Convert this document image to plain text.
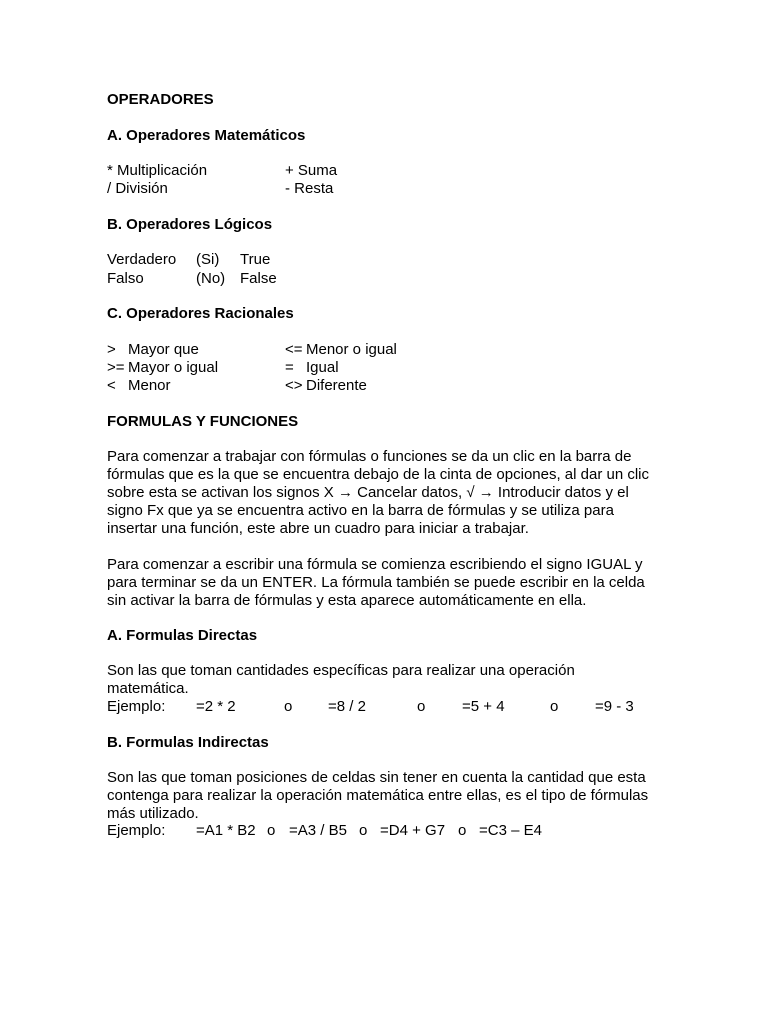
OPERADORES
A. Operadores Matemáticos
* Multiplicación	+ Suma
/ División	- Resta
B. Operadores Lógicos
Verdadero (Si) True
Falso	(No) False
C. Operadores Racionales
> Mayor que	<= Menor o igual
>= Mayor o igual	= Igual
< Menor	<> Diferente
FORMULAS Y FUNCIONES
Para comenzar a trabajar con fórmulas o funciones se da un clic en la barra de
fórmulas que es la que se encuentra debajo de la cinta de opciones, al dar un clic
sobre esta se activan los signos X → Cancelar datos, √ → Introducir datos y el
signo Fx que ya se encuentra activo en la barra de fórmulas y se utiliza para
insertar una función, este abre un cuadro para iniciar a trabajar.
Para comenzar a escribir una fórmula se comienza escribiendo el signo IGUAL y
para terminar se da un ENTER. La fórmula también se puede escribir en la celda
sin activar la barra de fórmulas y esta aparece automáticamente en ella.
A. Formulas Directas
Son las que toman cantidades específicas para realizar una operación
matemática.
Ejemplo: =2 * 2	o =8 / 2	o =5 + 4	o =9 - 3
B. Formulas Indirectas
Son las que toman posiciones de celdas sin tener en cuenta la cantidad que esta
contenga para realizar la operación matemática entre ellas, es el tipo de fórmulas
más utilizado.
Ejemplo: =A1 * B2 o =A3 / B5 o =D4 + G7 o =C3 – E4
